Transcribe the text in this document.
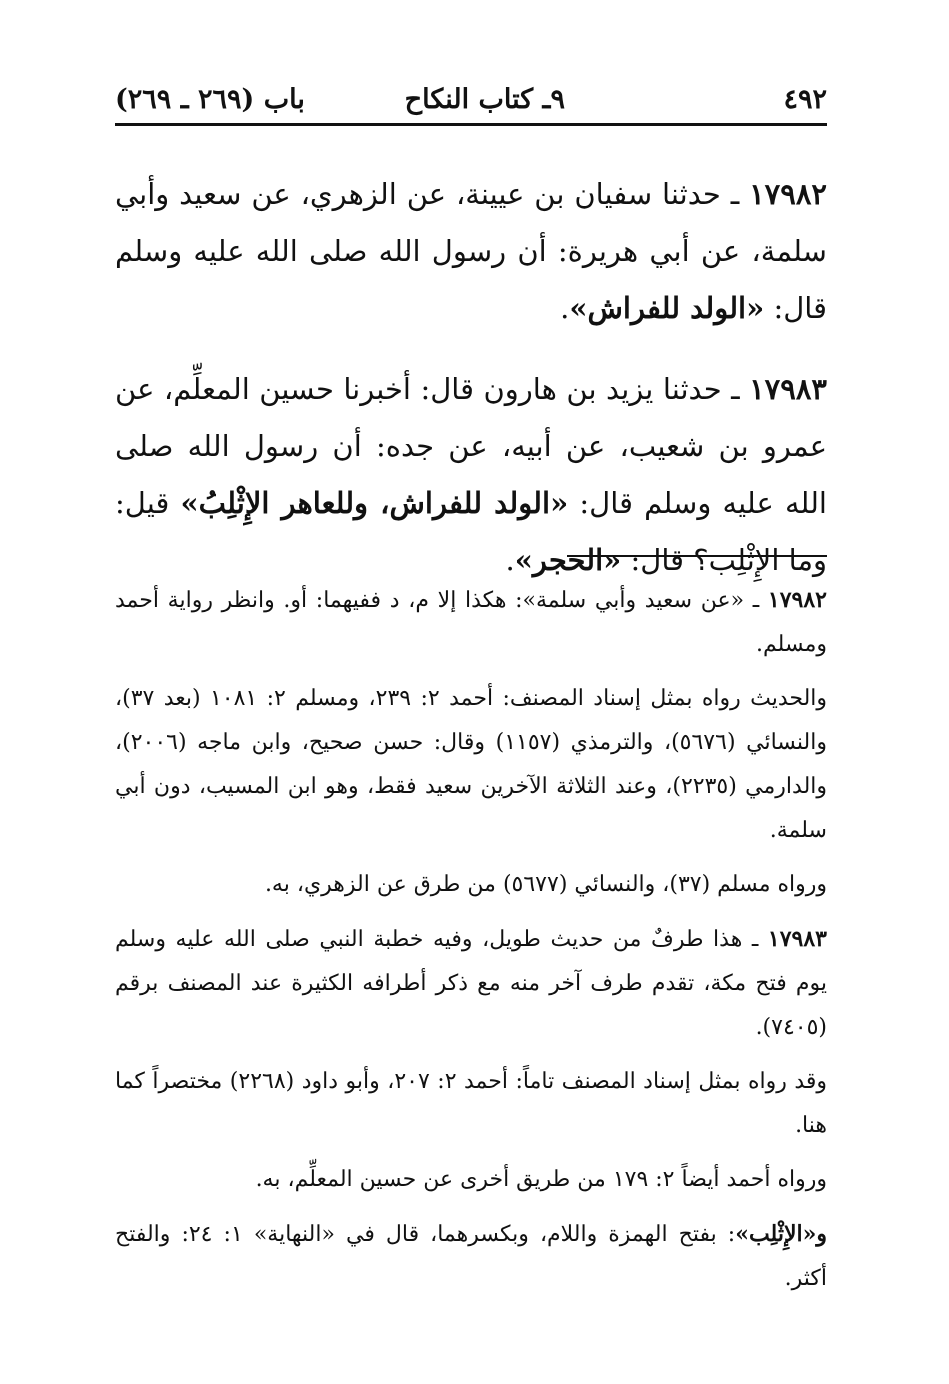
٤٩٢
٩ـ كتاب النكاح
باب (٢٦٩ ـ ٢٦٩)

١٧٩٨٢ ـ حدثنا سفيان بن عيينة، عن الزهري، عن سعيد وأبي سلمة، عن أبي هريرة: أن رسول الله صلى الله عليه وسلم قال: «الولد للفراش».

١٧٩٨٣ ـ حدثنا يزيد بن هارون قال: أخبرنا حسين المعلِّم، عن عمرو بن شعيب، عن أبيه، عن جده: أن رسول الله صلى الله عليه وسلم قال: «الولد للفراش، وللعاهر الإِثْلِبُ» قيل: وما الإِثْلِب؟ قال: «الحجر».

١٧٩٨٢ ـ «عن سعيد وأبي سلمة»: هكذا إلا م، د ففيهما: أو. وانظر رواية أحمد ومسلم.

والحديث رواه بمثل إسناد المصنف: أحمد ٢: ٢٣٩، ومسلم ٢: ١٠٨١ (بعد ٣٧)، والنسائي (٥٦٧٦)، والترمذي (١١٥٧) وقال: حسن صحيح، وابن ماجه (٢٠٠٦)، والدارمي (٢٢٣٥)، وعند الثلاثة الآخرين سعيد فقط، وهو ابن المسيب، دون أبي سلمة.

ورواه مسلم (٣٧)، والنسائي (٥٦٧٧) من طرق عن الزهري، به.

١٧٩٨٣ ـ هذا طرفٌ من حديث طويل، وفيه خطبة النبي صلى الله عليه وسلم يوم فتح مكة، تقدم طرف آخر منه مع ذكر أطرافه الكثيرة عند المصنف برقم (٧٤٠٥).

وقد رواه بمثل إسناد المصنف تاماً: أحمد ٢: ٢٠٧، وأبو داود (٢٢٦٨) مختصراً كما هنا.

ورواه أحمد أيضاً ٢: ١٧٩ من طريق أخرى عن حسين المعلِّم، به.

و«الإِثْلِب»: بفتح الهمزة واللام، وبكسرهما، قال في «النهاية» ١: ٢٤: والفتح أكثر.
